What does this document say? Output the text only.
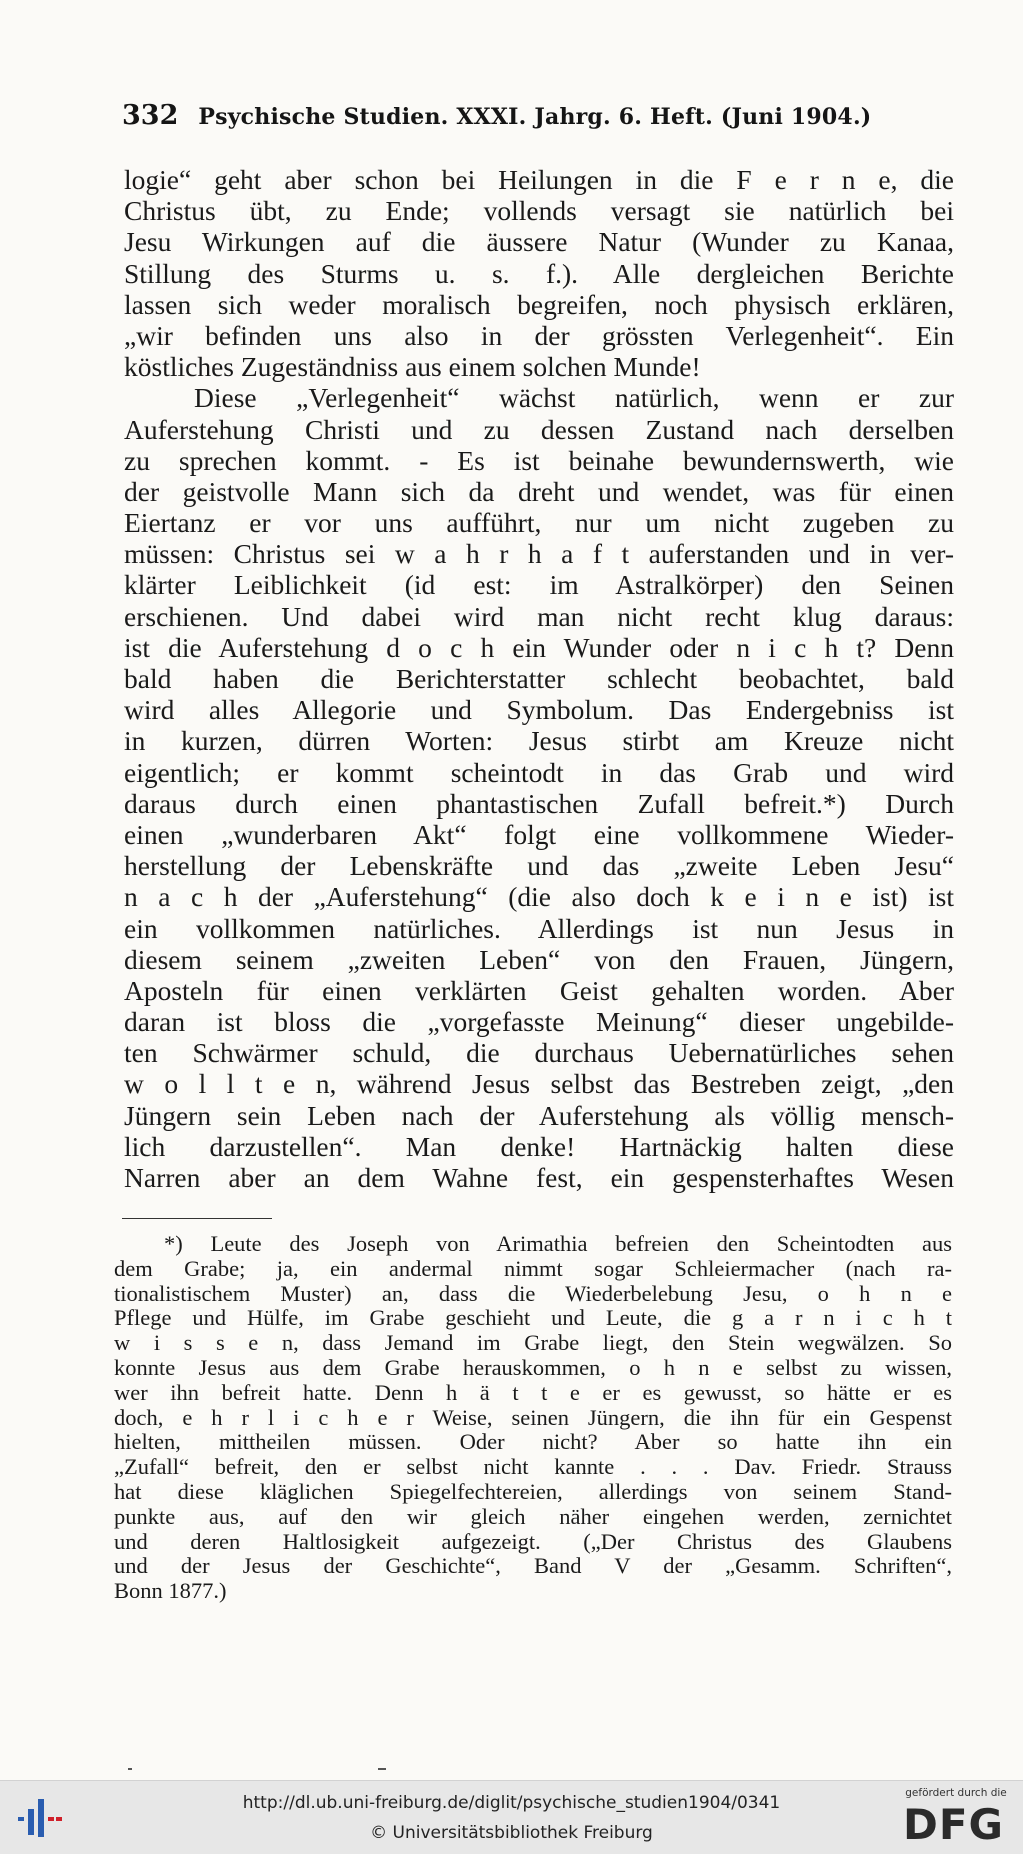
332 Psychische Studien. XXXI. Jahrg. 6. Heft. (Juni 1904.)
logie“ geht aber schon bei Heilungen in die F e r n e, die
Christus übt, zu Ende; vollends versagt sie natürlich bei
Jesu Wirkungen auf die äussere Natur (Wunder zu Kanaa,
Stillung des Sturms u. s. f.). Alle dergleichen Berichte
lassen sich weder moralisch begreifen, noch physisch erklären,
„wir befinden uns also in der grössten Verlegenheit“. Ein
köstliches Zugeständniss aus einem solchen Munde!
Diese „Verlegenheit“ wächst natürlich, wenn er zur
Auferstehung Christi und zu dessen Zustand nach derselben
zu sprechen kommt. - Es ist beinahe bewundernswerth, wie
der geistvolle Mann sich da dreht und wendet, was für einen
Eiertanz er vor uns aufführt, nur um nicht zugeben zu
müssen: Christus sei w a h r h a f t auferstanden und in ver-
klärter Leiblichkeit (id est: im Astralkörper) den Seinen
erschienen. Und dabei wird man nicht recht klug daraus:
ist die Auferstehung d o c h ein Wunder oder n i c h t? Denn
bald haben die Berichterstatter schlecht beobachtet, bald
wird alles Allegorie und Symbolum. Das Endergebniss ist
in kurzen, dürren Worten: Jesus stirbt am Kreuze nicht
eigentlich; er kommt scheintodt in das Grab und wird
daraus durch einen phantastischen Zufall befreit.*) Durch
einen „wunderbaren Akt“ folgt eine vollkommene Wieder-
herstellung der Lebenskräfte und das „zweite Leben Jesu“
n a c h der „Auferstehung“ (die also doch k e i n e ist) ist
ein vollkommen natürliches. Allerdings ist nun Jesus in
diesem seinem „zweiten Leben“ von den Frauen, Jüngern,
Aposteln für einen verklärten Geist gehalten worden. Aber
daran ist bloss die „vorgefasste Meinung“ dieser ungebilde-
ten Schwärmer schuld, die durchaus Uebernatürliches sehen
w o l l t e n, während Jesus selbst das Bestreben zeigt, „den
Jüngern sein Leben nach der Auferstehung als völlig mensch-
lich darzustellen“. Man denke! Hartnäckig halten diese
Narren aber an dem Wahne fest, ein gespensterhaftes Wesen
*) Leute des Joseph von Arimathia befreien den Scheintodten aus
dem Grabe; ja, ein andermal nimmt sogar Schleiermacher (nach ra-
tionalistischem Muster) an, dass die Wiederbelebung Jesu, o h n e
Pflege und Hülfe, im Grabe geschieht und Leute, die g a r n i c h t
w i s s e n, dass Jemand im Grabe liegt, den Stein wegwälzen. So
konnte Jesus aus dem Grabe herauskommen, o h n e selbst zu wissen,
wer ihn befreit hatte. Denn h ä t t e er es gewusst, so hätte er es
doch, e h r l i c h e r Weise, seinen Jüngern, die ihn für ein Gespenst
hielten, mittheilen müssen. Oder nicht? Aber so hatte ihn ein
„Zufall“ befreit, den er selbst nicht kannte . . . Dav. Friedr. Strauss
hat diese kläglichen Spiegelfechtereien, allerdings von seinem Stand-
punkte aus, auf den wir gleich näher eingehen werden, zernichtet
und deren Haltlosigkeit aufgezeigt. („Der Christus des Glaubens
und der Jesus der Geschichte“, Band V der „Gesamm. Schriften“,
Bonn 1877.)
http://dl.ub.uni-freiburg.de/diglit/psychische_studien1904/0341
© Universitätsbibliothek Freiburg
gefördert durch die
DFG
